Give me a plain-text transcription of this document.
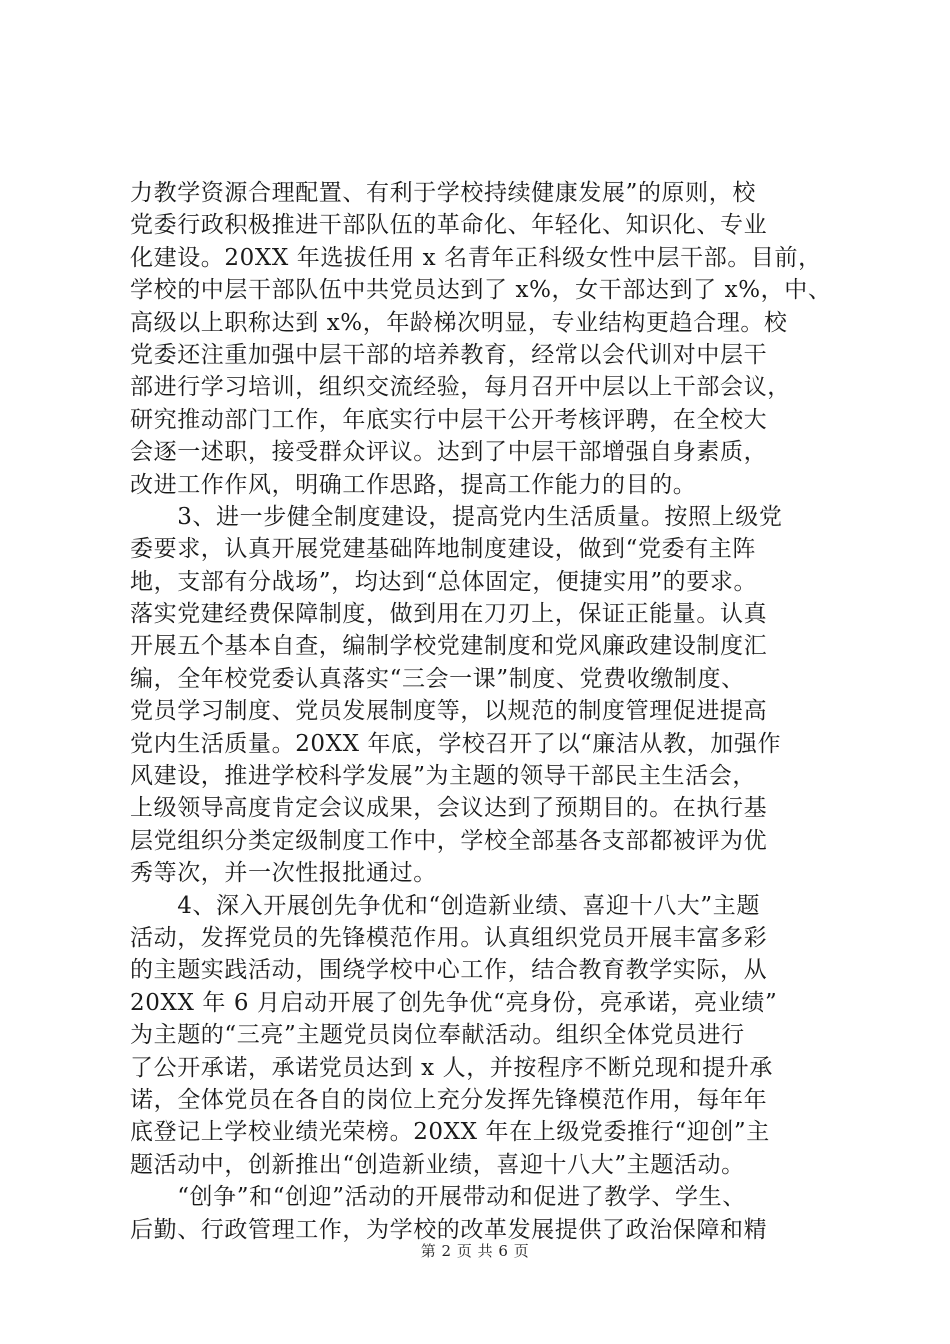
力教学资源合理配置、有利于学校持续健康发展”的原则，校
党委行政积极推进干部队伍的革命化、年轻化、知识化、专业
化建设。20XX 年选拔任用 x 名青年正科级女性中层干部。目前，
学校的中层干部队伍中共党员达到了 x%，女干部达到了 x%，中、
高级以上职称达到 x%，年龄梯次明显，专业结构更趋合理。校
党委还注重加强中层干部的培养教育，经常以会代训对中层干
部进行学习培训，组织交流经验，每月召开中层以上干部会议，
研究推动部门工作，年底实行中层干公开考核评聘，在全校大
会逐一述职，接受群众评议。达到了中层干部增强自身素质，
改进工作作风，明确工作思路，提高工作能力的目的。
　　3、进一步健全制度建设，提高党内生活质量。按照上级党
委要求，认真开展党建基础阵地制度建设，做到“党委有主阵
地，支部有分战场”，均达到“总体固定，便捷实用”的要求。
落实党建经费保障制度，做到用在刀刃上，保证正能量。认真
开展五个基本自查，编制学校党建制度和党风廉政建设制度汇
编，全年校党委认真落实“三会一课”制度、党费收缴制度、
党员学习制度、党员发展制度等，以规范的制度管理促进提高
党内生活质量。20XX 年底，学校召开了以“廉洁从教，加强作
风建设，推进学校科学发展”为主题的领导干部民主生活会，
上级领导高度肯定会议成果，会议达到了预期目的。在执行基
层党组织分类定级制度工作中，学校全部基各支部都被评为优
秀等次，并一次性报批通过。
　　4、深入开展创先争优和“创造新业绩、喜迎十八大”主题
活动，发挥党员的先锋模范作用。认真组织党员开展丰富多彩
的主题实践活动，围绕学校中心工作，结合教育教学实际，从
20XX 年 6 月启动开展了创先争优“亮身份，亮承诺，亮业绩”
为主题的“三亮”主题党员岗位奉献活动。组织全体党员进行
了公开承诺，承诺党员达到 x 人，并按程序不断兑现和提升承
诺，全体党员在各自的岗位上充分发挥先锋模范作用，每年年
底登记上学校业绩光荣榜。20XX 年在上级党委推行“迎创”主
题活动中，创新推出“创造新业绩，喜迎十八大”主题活动。
　　“创争”和“创迎”活动的开展带动和促进了教学、学生、
后勤、行政管理工作，为学校的改革发展提供了政治保障和精
第 2 页 共 6 页
